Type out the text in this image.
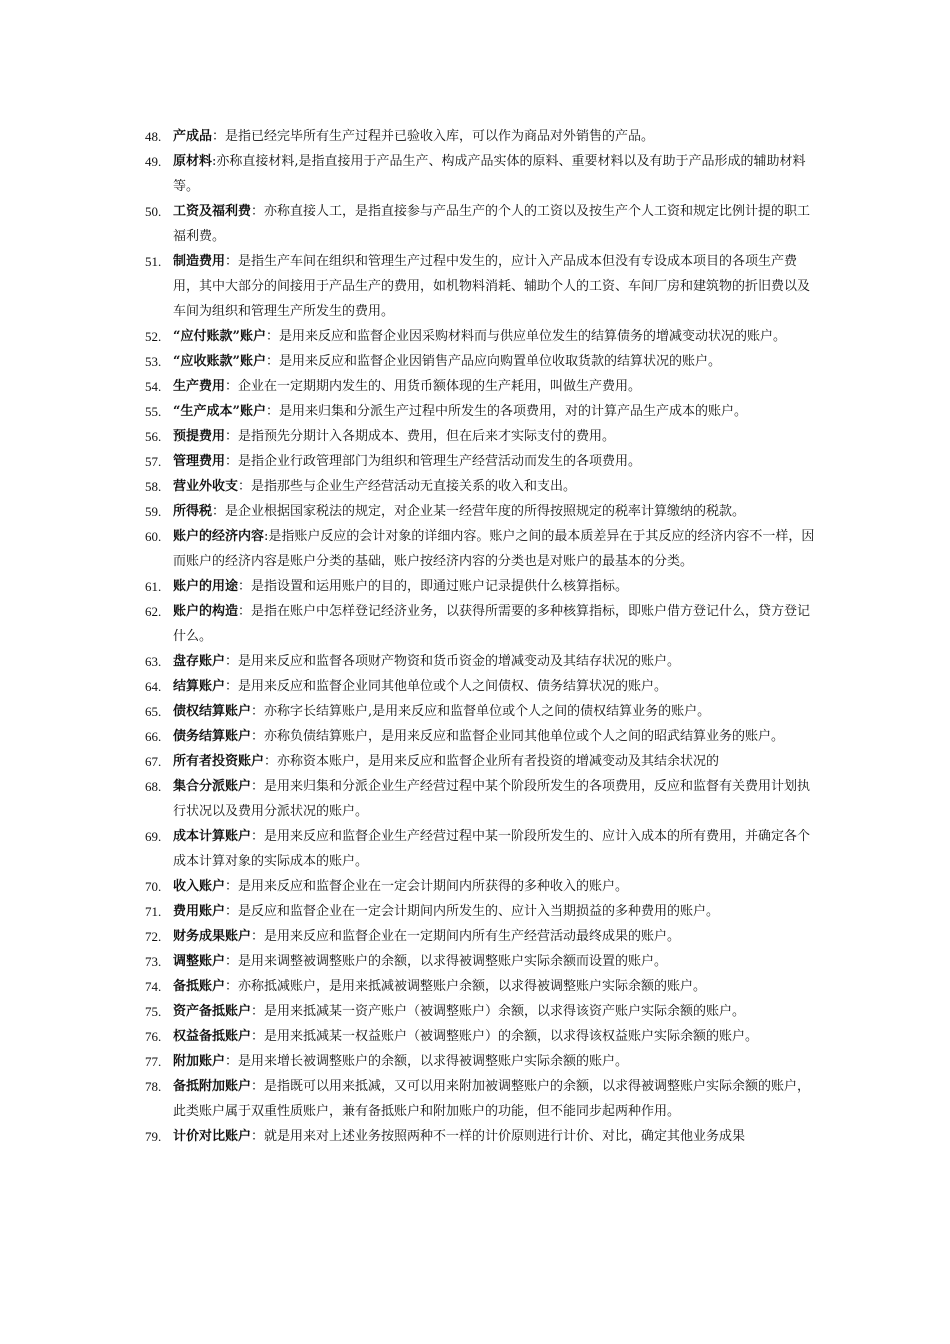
48. 产成品：是指已经完毕所有生产过程并已验收入库，可以作为商品对外销售的产品。

49. 原材料:亦称直接材料,是指直接用于产品生产、构成产品实体的原料、重要材料以及有助于产品形成的辅助材料等。

50. 工资及福利费：亦称直接人工，是指直接参与产品生产的个人的工资以及按生产个人工资和规定比例计提的职工福利费。

51. 制造费用：是指生产车间在组织和管理生产过程中发生的，应计入产品成本但没有专设成本项目的各项生产费用，其中大部分的间接用于产品生产的费用，如机物料消耗、辅助个人的工资、车间厂房和建筑物的折旧费以及车间为组织和管理生产所发生的费用。

52. “应付账款”账户：是用来反应和监督企业因采购材料而与供应单位发生的结算债务的增减变动状况的账户。

53. “应收账款”账户：是用来反应和监督企业因销售产品应向购置单位收取货款的结算状况的账户。

54. 生产费用：企业在一定期期内发生的、用货币额体现的生产耗用，叫做生产费用。

55. “生产成本”账户：是用来归集和分派生产过程中所发生的各项费用，对的计算产品生产成本的账户。

56. 预提费用：是指预先分期计入各期成本、费用，但在后来才实际支付的费用。

57. 管理费用：是指企业行政管理部门为组织和管理生产经营活动而发生的各项费用。

58. 营业外收支：是指那些与企业生产经营活动无直接关系的收入和支出。

59. 所得税：是企业根据国家税法的规定，对企业某一经营年度的所得按照规定的税率计算缴纳的税款。

60. 账户的经济内容:是指账户反应的会计对象的详细内容。账户之间的最本质差异在于其反应的经济内容不一样，因而账户的经济内容是账户分类的基础，账户按经济内容的分类也是对账户的最基本的分类。

61. 账户的用途：是指设置和运用账户的目的，即通过账户记录提供什么核算指标。

62. 账户的构造：是指在账户中怎样登记经济业务，以获得所需要的多种核算指标，即账户借方登记什么，贷方登记什么。

63. 盘存账户：是用来反应和监督各项财产物资和货币资金的增减变动及其结存状况的账户。

64. 结算账户：是用来反应和监督企业同其他单位或个人之间债权、债务结算状况的账户。

65. 债权结算账户：亦称字长结算账户,是用来反应和监督单位或个人之间的债权结算业务的账户。

66. 债务结算账户：亦称负债结算账户，是用来反应和监督企业同其他单位或个人之间的昭武结算业务的账户。

67. 所有者投资账户：亦称资本账户，是用来反应和监督企业所有者投资的增减变动及其结余状况的

68. 集合分派账户：是用来归集和分派企业生产经营过程中某个阶段所发生的各项费用，反应和监督有关费用计划执行状况以及费用分派状况的账户。

69. 成本计算账户：是用来反应和监督企业生产经营过程中某一阶段所发生的、应计入成本的所有费用，并确定各个成本计算对象的实际成本的账户。

70. 收入账户：是用来反应和监督企业在一定会计期间内所获得的多种收入的账户。

71. 费用账户：是反应和监督企业在一定会计期间内所发生的、应计入当期损益的多种费用的账户。

72. 财务成果账户：是用来反应和监督企业在一定期间内所有生产经营活动最终成果的账户。

73. 调整账户：是用来调整被调整账户的余额，以求得被调整账户实际余额而设置的账户。

74. 备抵账户：亦称抵减账户，是用来抵减被调整账户余额，以求得被调整账户实际余额的账户。

75. 资产备抵账户：是用来抵减某一资产账户（被调整账户）余额，以求得该资产账户实际余额的账户。

76. 权益备抵账户：是用来抵减某一权益账户（被调整账户）的余额，以求得该权益账户实际余额的账户。

77. 附加账户：是用来增长被调整账户的余额，以求得被调整账户实际余额的账户。

78. 备抵附加账户：是指既可以用来抵减，又可以用来附加被调整账户的余额，以求得被调整账户实际余额的账户，此类账户属于双重性质账户，兼有备抵账户和附加账户的功能，但不能同步起两种作用。

79. 计价对比账户：就是用来对上述业务按照两种不一样的计价原则进行计价、对比，确定其他业务成果
